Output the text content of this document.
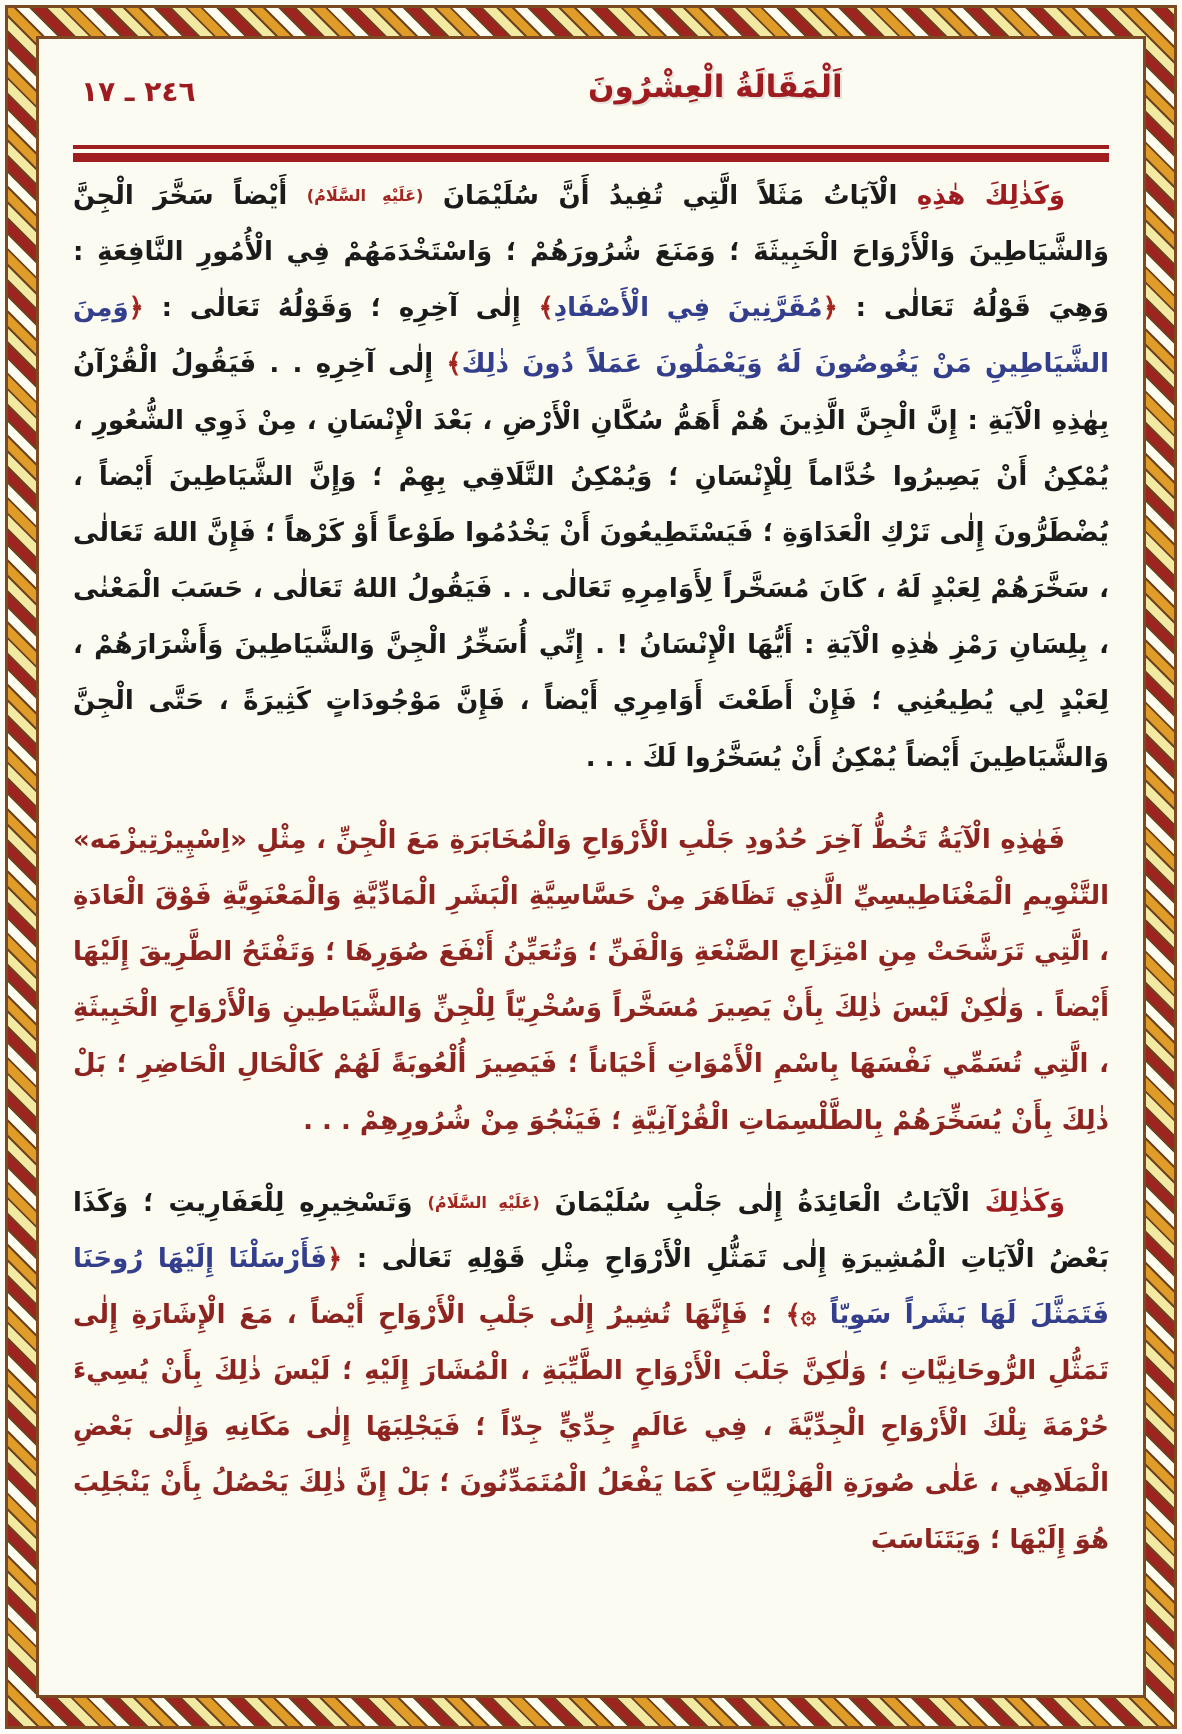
٢٤٦ ـ ١٧	اَلْمَقَالَةُ الْعِشْرُونَ

وَكَذٰلِكَ هٰذِهِ الْآيَاتُ مَثَلاً الَّتِي تُفِيدُ أَنَّ سُلَيْمَانَ (عَلَيْهِ السَّلَامُ) أَيْضاً سَخَّرَ الْجِنَّ وَالشَّيَاطِينَ وَالْأَرْوَاحَ الْخَبِيثَةَ ؛ وَمَنَعَ شُرُورَهُمْ ؛ وَاسْتَخْدَمَهُمْ فِي الْأُمُورِ النَّافِعَةِ : وَهِيَ قَوْلُهُ تَعَالٰى : ﴿مُقَرَّنِينَ فِي الْأَصْفَادِ﴾ إِلٰى آخِرِهِ ؛ وَقَوْلُهُ تَعَالٰى : ﴿وَمِنَ الشَّيَاطِينِ مَنْ يَغُوصُونَ لَهُ وَيَعْمَلُونَ عَمَلاً دُونَ ذٰلِكَ﴾ إِلٰى آخِرِهِ . . فَيَقُولُ الْقُرْآنُ بِهٰذِهِ الْآيَةِ : إِنَّ الْجِنَّ الَّذِينَ هُمْ أَهَمُّ سُكَّانِ الْأَرْضِ ، بَعْدَ الْإِنْسَانِ ، مِنْ ذَوِي الشُّعُورِ ، يُمْكِنُ أَنْ يَصِيرُوا خُدَّاماً لِلْإِنْسَانِ ؛ وَيُمْكِنُ التَّلَاقِي بِهِمْ ؛ وَإِنَّ الشَّيَاطِينَ أَيْضاً ، يُضْطَرُّونَ إِلٰى تَرْكِ الْعَدَاوَةِ ؛ فَيَسْتَطِيعُونَ أَنْ يَخْدُمُوا طَوْعاً أَوْ كَرْهاً ؛ فَإِنَّ اللهَ تَعَالٰى ، سَخَّرَهُمْ لِعَبْدٍ لَهُ ، كَانَ مُسَخَّراً لِأَوَامِرِهِ تَعَالٰى . . فَيَقُولُ اللهُ تَعَالٰى ، حَسَبَ الْمَعْنٰى ، بِلِسَانِ رَمْزِ هٰذِهِ الْآيَةِ : أَيُّهَا الْإِنْسَانُ ! . إِنِّي أُسَخِّرُ الْجِنَّ وَالشَّيَاطِينَ وَأَشْرَارَهُمْ ، لِعَبْدٍ لِي يُطِيعُنِي ؛ فَإِنْ أَطَعْتَ أَوَامِرِي أَيْضاً ، فَإِنَّ مَوْجُودَاتٍ كَثِيرَةً ، حَتَّى الْجِنَّ وَالشَّيَاطِينَ أَيْضاً يُمْكِنُ أَنْ يُسَخَّرُوا لَكَ . . .

فَهٰذِهِ الْآيَةُ تَخُطُّ آخِرَ حُدُودِ جَلْبِ الْأَرْوَاحِ وَالْمُخَابَرَةِ مَعَ الْجِنِّ ، مِثْلِ «اِسْپِيرْتِيزْمَه» التَّنْوِيمِ الْمَغْنَاطِيسِيِّ الَّذِي تَظَاهَرَ مِنْ حَسَّاسِيَّةِ الْبَشَرِ الْمَادِّيَّةِ وَالْمَعْنَوِيَّةِ فَوْقَ الْعَادَةِ ، الَّتِي تَرَشَّحَتْ مِنِ امْتِزَاجِ الصَّنْعَةِ وَالْفَنِّ ؛ وَتُعَيِّنُ أَنْفَعَ صُوَرِهَا ؛ وَتَفْتَحُ الطَّرِيقَ إِلَيْهَا أَيْضاً . وَلٰكِنْ لَيْسَ ذٰلِكَ بِأَنْ يَصِيرَ مُسَخَّراً وَسُخْرِيّاً لِلْجِنِّ وَالشَّيَاطِينِ وَالْأَرْوَاحِ الْخَبِيثَةِ ، الَّتِي تُسَمِّي نَفْسَهَا بِاسْمِ الْأَمْوَاتِ أَحْيَاناً ؛ فَيَصِيرَ أُلْعُوبَةً لَهُمْ كَالْحَالِ الْحَاضِرِ ؛ بَلْ ذٰلِكَ بِأَنْ يُسَخِّرَهُمْ بِالطَّلْسِمَاتِ الْقُرْآنِيَّةِ ؛ فَيَنْجُوَ مِنْ شُرُورِهِمْ . . .

وَكَذٰلِكَ الْآيَاتُ الْعَائِدَةُ إِلٰى جَلْبِ سُلَيْمَانَ (عَلَيْهِ السَّلَامُ) وَتَسْخِيرِهِ لِلْعَفَارِيتِ ؛ وَكَذَا بَعْضُ الْآيَاتِ الْمُشِيرَةِ إِلٰى تَمَثُّلِ الْأَرْوَاحِ مِثْلِ قَوْلِهِ تَعَالٰى : ﴿فَأَرْسَلْنَا إِلَيْهَا رُوحَنَا فَتَمَثَّلَ لَهَا بَشَراً سَوِيّاً ۞﴾ ؛ فَإِنَّهَا تُشِيرُ إِلٰى جَلْبِ الْأَرْوَاحِ أَيْضاً ، مَعَ الْإِشَارَةِ إِلٰى تَمَثُّلِ الرُّوحَانِيَّاتِ ؛ وَلٰكِنَّ جَلْبَ الْأَرْوَاحِ الطَّيِّبَةِ ، الْمُشَارَ إِلَيْهِ ؛ لَيْسَ ذٰلِكَ بِأَنْ يُسِيءَ حُرْمَةَ تِلْكَ الْأَرْوَاحِ الْجِدِّيَّةَ ، فِي عَالَمٍ جِدِّيٍّ جِدّاً ؛ فَيَجْلِبَهَا إِلٰى مَكَانِهِ وَإِلٰى بَعْضِ الْمَلَاهِي ، عَلٰى صُورَةِ الْهَزْلِيَّاتِ كَمَا يَفْعَلُ الْمُتَمَدِّنُونَ ؛ بَلْ إِنَّ ذٰلِكَ يَحْصُلُ بِأَنْ يَنْجَلِبَ هُوَ إِلَيْهَا ؛ وَيَتَنَاسَبَ
